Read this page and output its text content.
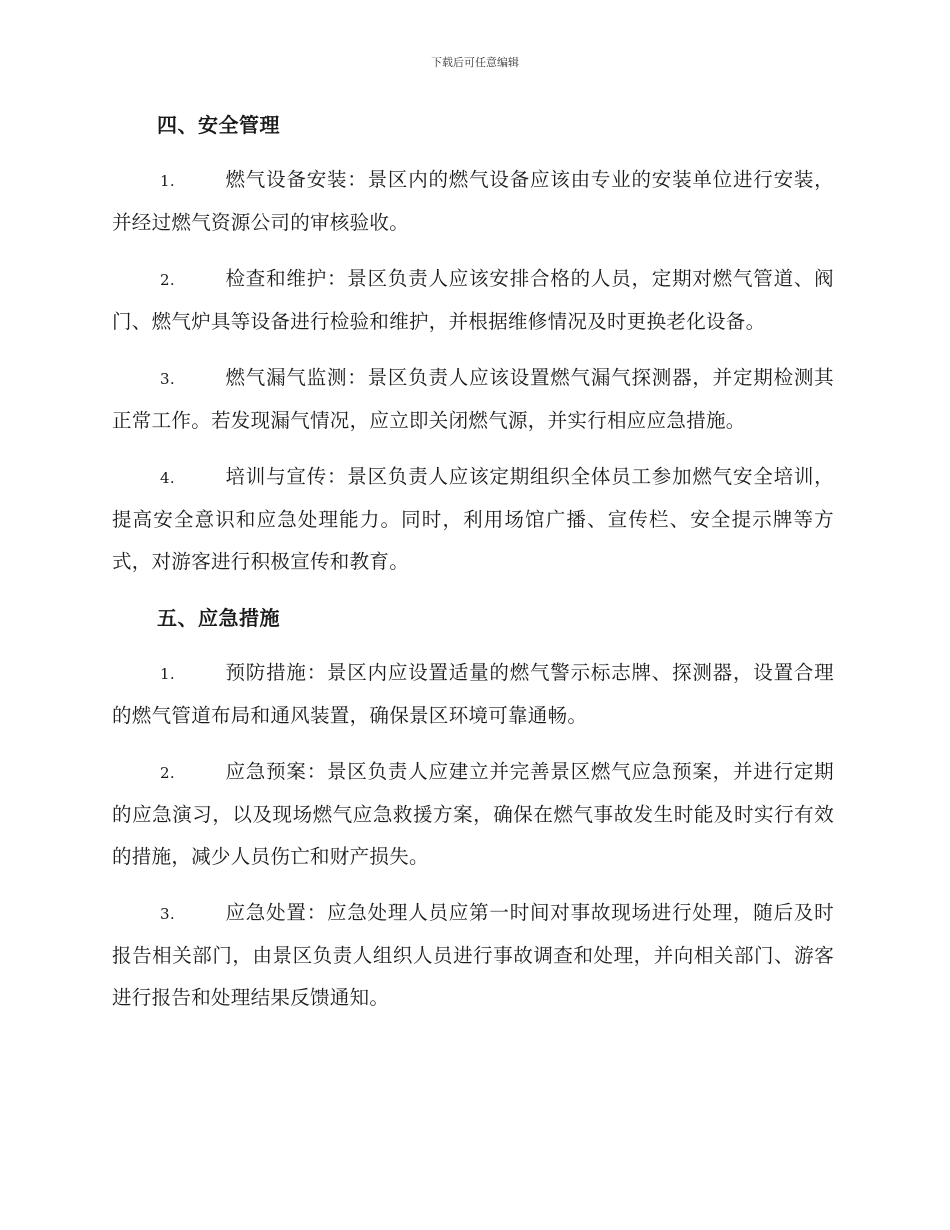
下载后可任意编辑
四、安全管理

1.	燃气设备安装：景区内的燃气设备应该由专业的安装单位进行安装，并经过燃气资源公司的审核验收。

2.	检查和维护：景区负责人应该安排合格的人员，定期对燃气管道、阀门、燃气炉具等设备进行检验和维护，并根据维修情况及时更换老化设备。

3.	燃气漏气监测：景区负责人应该设置燃气漏气探测器，并定期检测其正常工作。若发现漏气情况，应立即关闭燃气源，并实行相应应急措施。

4.	培训与宣传：景区负责人应该定期组织全体员工参加燃气安全培训，提高安全意识和应急处理能力。同时，利用场馆广播、宣传栏、安全提示牌等方式，对游客进行积极宣传和教育。

五、应急措施

1.	预防措施：景区内应设置适量的燃气警示标志牌、探测器，设置合理的燃气管道布局和通风装置，确保景区环境可靠通畅。

2.	应急预案：景区负责人应建立并完善景区燃气应急预案，并进行定期的应急演习，以及现场燃气应急救援方案，确保在燃气事故发生时能及时实行有效的措施，减少人员伤亡和财产损失。

3.	应急处置：应急处理人员应第一时间对事故现场进行处理，随后及时报告相关部门，由景区负责人组织人员进行事故调查和处理，并向相关部门、游客进行报告和处理结果反馈通知。
